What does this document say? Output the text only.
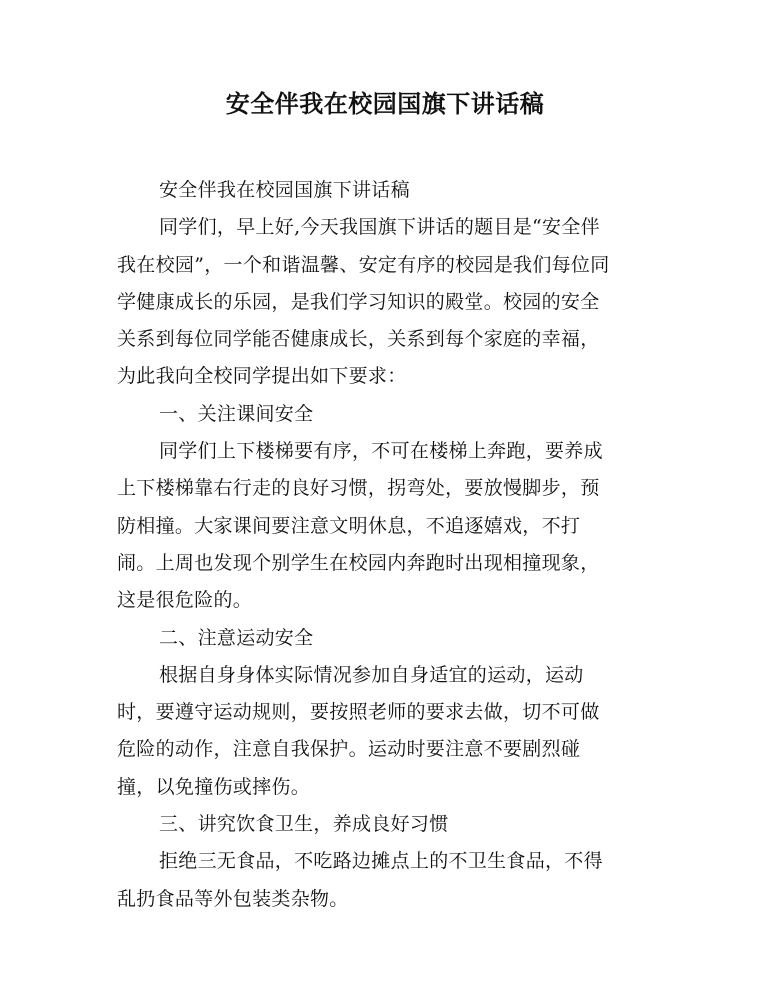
安全伴我在校园国旗下讲话稿
安全伴我在校园国旗下讲话稿
同学们，早上好,今天我国旗下讲话的题目是“安全伴
我在校园”，一个和谐温馨、安定有序的校园是我们每位同
学健康成长的乐园，是我们学习知识的殿堂。校园的安全
关系到每位同学能否健康成长，关系到每个家庭的幸福，
为此我向全校同学提出如下要求：
一、关注课间安全
同学们上下楼梯要有序，不可在楼梯上奔跑，要养成
上下楼梯靠右行走的良好习惯，拐弯处，要放慢脚步，预
防相撞。大家课间要注意文明休息，不追逐嬉戏，不打
闹。上周也发现个别学生在校园内奔跑时出现相撞现象，
这是很危险的。
二、注意运动安全
根据自身身体实际情况参加自身适宜的运动，运动
时，要遵守运动规则，要按照老师的要求去做，切不可做
危险的动作，注意自我保护。运动时要注意不要剧烈碰
撞，以免撞伤或摔伤。
三、讲究饮食卫生，养成良好习惯
拒绝三无食品，不吃路边摊点上的不卫生食品，不得
乱扔食品等外包装类杂物。
